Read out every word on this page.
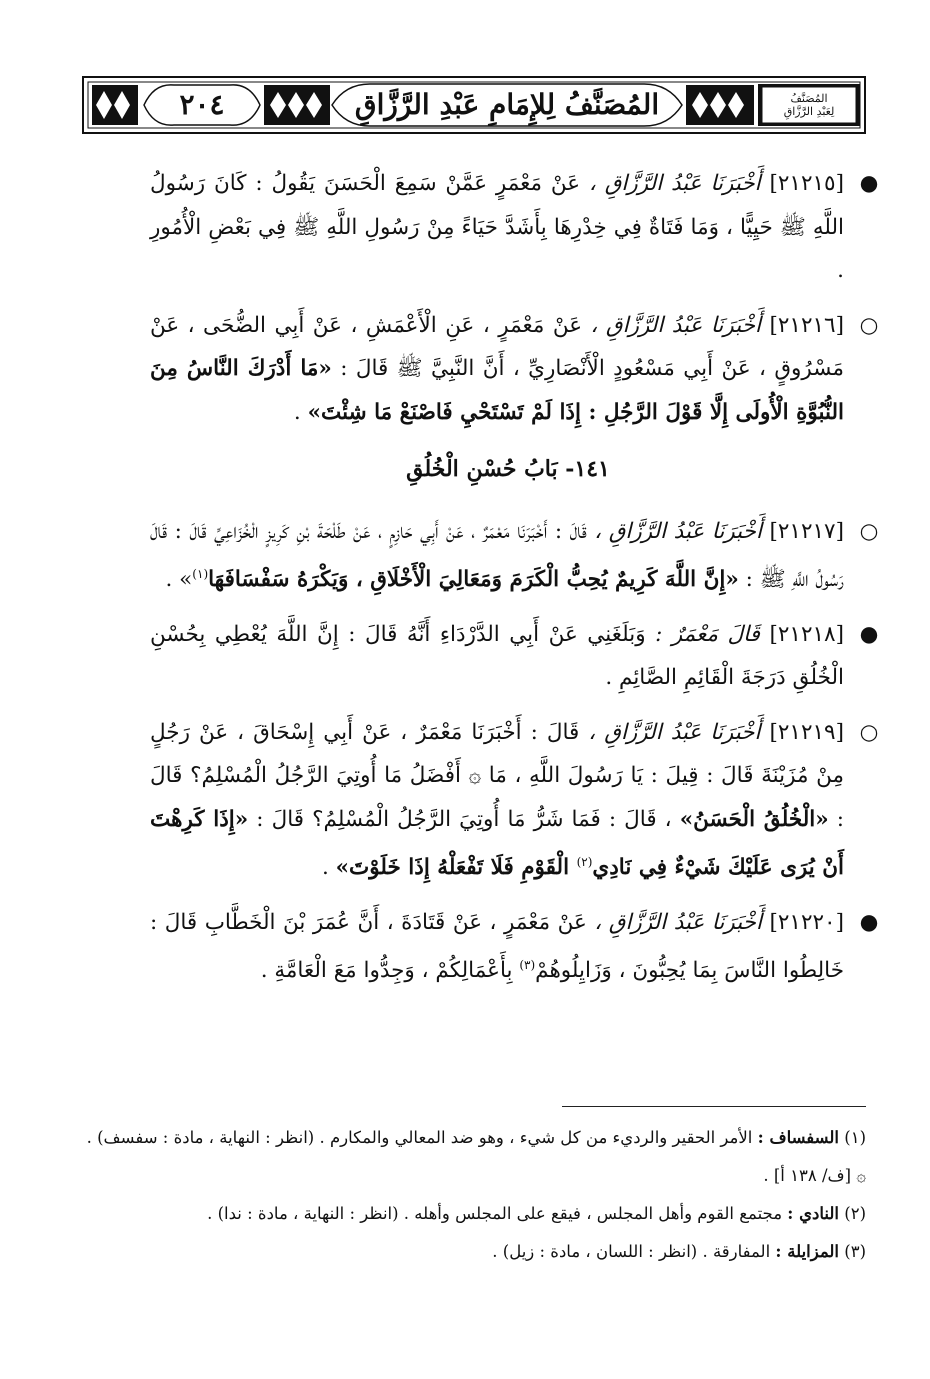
٢٠٤	المُصَنَّفُ لِلإِمَامِ عَبْدِ الرَّزَّاقِ	المُصَنَّفُ
لِعَبْدِ الرَّزَّاقِ

●[٢١٢١٥] أَخْبَرَنَا عَبْدُ الرَّزَّاقِ ، عَنْ مَعْمَرٍ عَمَّنْ سَمِعَ الْحَسَنَ يَقُولُ : كَانَ رَسُولُ اللَّهِ ﷺ حَيِيًّا ، وَمَا فَتَاةٌ فِي خِدْرِهَا بِأَشَدَّ حَيَاءً مِنْ رَسُولِ اللَّهِ ﷺ فِي بَعْضِ الْأُمُورِ .

○[٢١٢١٦] أَخْبَرَنَا عَبْدُ الرَّزَّاقِ ، عَنْ مَعْمَرٍ ، عَنِ الْأَعْمَشِ ، عَنْ أَبِي الضُّحَى ، عَنْ مَسْرُوقٍ ، عَنْ أَبِي مَسْعُودٍ الْأَنْصَارِيِّ ، أَنَّ النَّبِيَّ ﷺ قَالَ : «مَا أَدْرَكَ النَّاسُ مِنَ النُّبُوَّةِ الْأُولَى إِلَّا قَوْلَ الرَّجُلِ : إِذَا لَمْ تَسْتَحْيِ فَاصْنَعْ مَا شِئْتَ» .

١٤١- بَابُ حُسْنِ الْخُلُقِ

○[٢١٢١٧] أَخْبَرَنَا عَبْدُ الرَّزَّاقِ ، قَالَ : أَخْبَرَنَا مَعْمَرٌ ، عَنْ أَبِي حَازِمٍ ، عَنْ طَلْحَةَ بْنِ كَرِيزٍ الْخُزَاعِيِّ قَالَ : قَالَ رَسُولُ اللَّهِ ﷺ : «إِنَّ اللَّهَ كَرِيمٌ يُحِبُّ الْكَرَمَ وَمَعَالِيَ الْأَخْلَاقِ ، وَيَكْرَهُ سَفْسَافَهَا$^{(١)}$» .

●[٢١٢١٨] قَالَ مَعْمَرٌ : وَبَلَغَنِي عَنْ أَبِي الدَّرْدَاءِ أَنَّهُ قَالَ : إِنَّ اللَّهَ يُعْطِي بِحُسْنِ الْخُلُقِ دَرَجَةَ الْقَائِمِ الصَّائِمِ .

○[٢١٢١٩] أَخْبَرَنَا عَبْدُ الرَّزَّاقِ ، قَالَ : أَخْبَرَنَا مَعْمَرٌ ، عَنْ أَبِي إِسْحَاقَ ، عَنْ رَجُلٍ مِنْ مُزَيْنَةَ قَالَ : قِيلَ : يَا رَسُولَ اللَّهِ ، مَا ۞ أَفْضَلُ مَا أُوتِيَ الرَّجُلُ الْمُسْلِمُ؟ قَالَ : «الْخُلُقُ الْحَسَنُ» ، قَالَ : فَمَا شَرُّ مَا أُوتِيَ الرَّجُلُ الْمُسْلِمُ؟ قَالَ : «إِذَا كَرِهْتَ أَنْ يُرَى عَلَيْكَ شَيْءٌ فِي نَادِي$^{(٢)}$ الْقَوْمِ فَلَا تَفْعَلْهُ إِذَا خَلَوْتَ» .

●[٢١٢٢٠] أَخْبَرَنَا عَبْدُ الرَّزَّاقِ ، عَنْ مَعْمَرٍ ، عَنْ قَتَادَةَ ، أَنَّ عُمَرَ بْنَ الْخَطَّابِ قَالَ : خَالِطُوا النَّاسَ بِمَا يُحِبُّونَ ، وَزَايِلُوهُمْ$^{(٣)}$ بِأَعْمَالِكُمْ ، وَجِدُّوا مَعَ الْعَامَّةِ .

(١) السفساف : الأمر الحقير والرديء من كل شيء ، وهو ضد المعالي والمكارم . (انظر : النهاية ، مادة : سفسف) .

۞ [ف/ ١٣٨ أ] .

(٢) النادي : مجتمع القوم وأهل المجلس ، فيقع على المجلس وأهله . (انظر : النهاية ، مادة : ندا) .

(٣) المزايلة : المفارقة . (انظر : اللسان ، مادة : زيل) .
